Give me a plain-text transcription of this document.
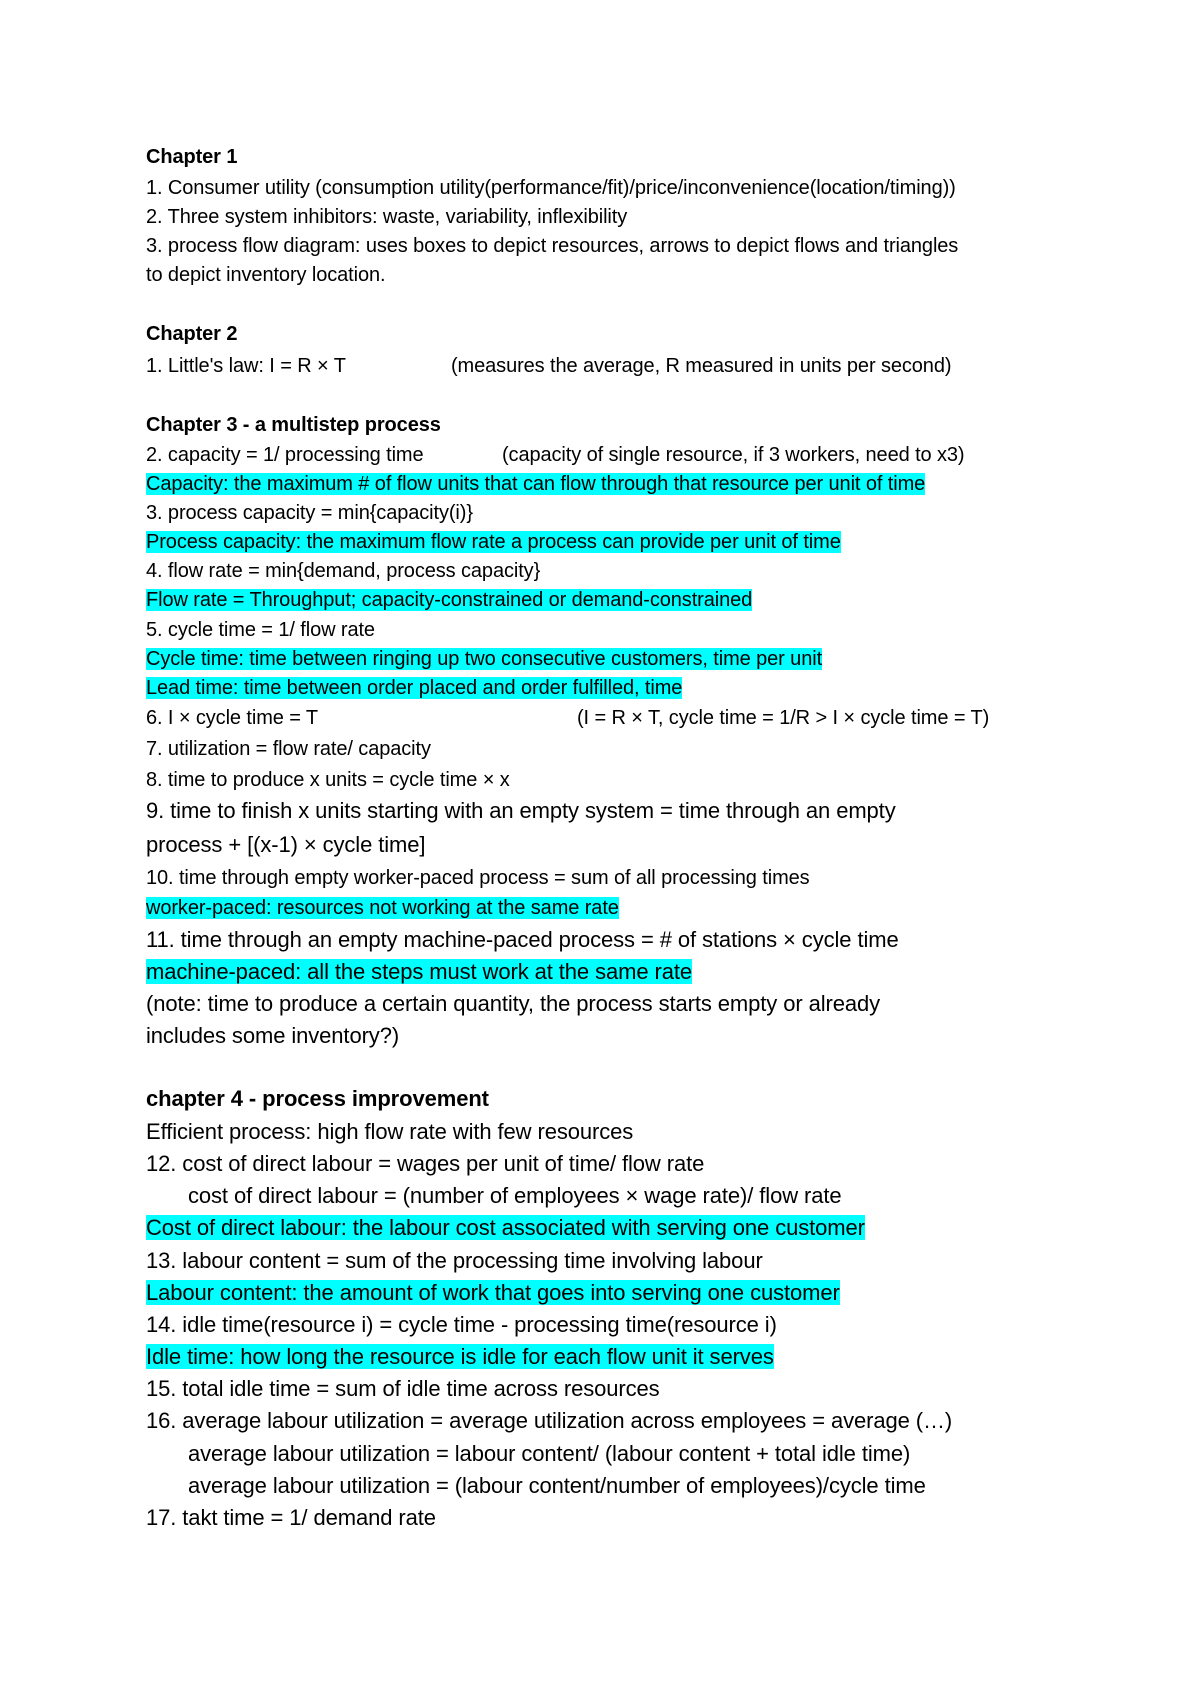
Chapter 1
1. Consumer utility (consumption utility(performance/fit)/price/inconvenience(location/timing))
2. Three system inhibitors: waste, variability, inflexibility
3. process flow diagram: uses boxes to depict resources, arrows to depict flows and triangles
to depict inventory location.
Chapter 2
1. Little's law: I = R × T	(measures the average, R measured in units per second)
Chapter 3 - a multistep process
2. capacity = 1/ processing time	(capacity of single resource, if 3 workers, need to x3)
Capacity: the maximum # of flow units that can flow through that resource per unit of time
3. process capacity = min{capacity(i)}
Process capacity: the maximum flow rate a process can provide per unit of time
4. flow rate = min{demand, process capacity}
Flow rate = Throughput; capacity-constrained or demand-constrained
5. cycle time = 1/ flow rate
Cycle time: time between ringing up two consecutive customers, time per unit
Lead time: time between order placed and order fulfilled, time
6. I × cycle time = T	(I = R × T, cycle time = 1/R > I × cycle time = T)
7. utilization = flow rate/ capacity
8. time to produce x units = cycle time × x
9. time to finish x units starting with an empty system = time through an empty
process + [(x-1) × cycle time]
10. time through empty worker-paced process = sum of all processing times
worker-paced: resources not working at the same rate
11. time through an empty machine-paced process = # of stations × cycle time
machine-paced: all the steps must work at the same rate
(note: time to produce a certain quantity, the process starts empty or already
includes some inventory?)
chapter 4 - process improvement
Efficient process: high flow rate with few resources
12. cost of direct labour = wages per unit of time/ flow rate
cost of direct labour = (number of employees × wage rate)/ flow rate
Cost of direct labour: the labour cost associated with serving one customer
13. labour content = sum of the processing time involving labour
Labour content: the amount of work that goes into serving one customer
14. idle time(resource i) = cycle time - processing time(resource i)
Idle time: how long the resource is idle for each flow unit it serves
15. total idle time = sum of idle time across resources
16. average labour utilization = average utilization across employees = average (…)
average labour utilization = labour content/ (labour content + total idle time)
average labour utilization = (labour content/number of employees)/cycle time
17. takt time = 1/ demand rate
